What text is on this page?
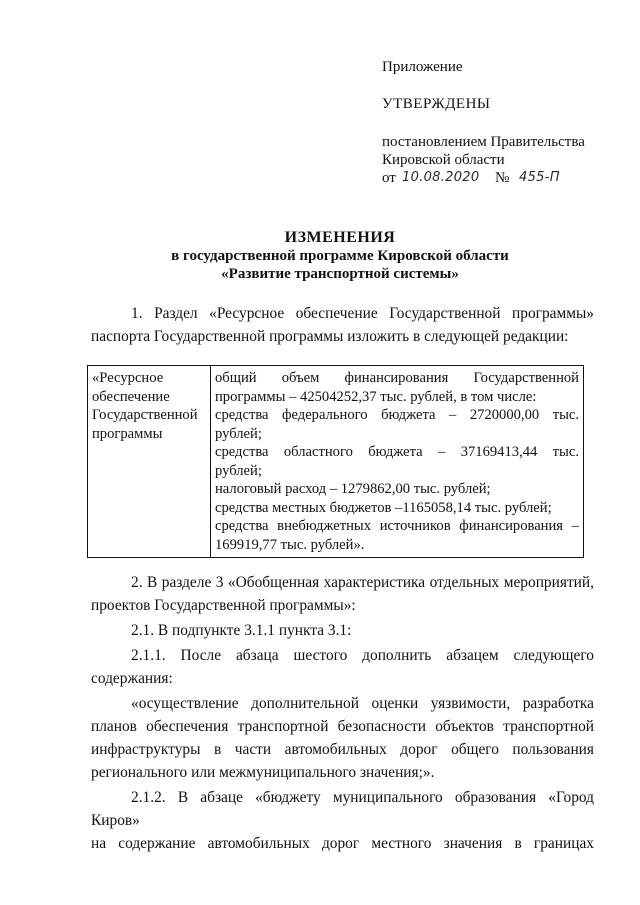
Приложение
УТВЕРЖДЕНЫ
постановлением Правительства
Кировской области
от 10.08.2020 № 455-П
ИЗМЕНЕНИЯ
в государственной программе Кировской области
«Развитие транспортной системы»
1. Раздел «Ресурсное обеспечение Государственной программы»
паспорта Государственной программы изложить в следующей редакции:
«Ресурсное
обеспечение
Государственной
программы

общий объем финансирования Государственной
программы – 42504252,37 тыс. рублей, в том числе:
средства федерального бюджета – 2720000,00 тыс.
рублей;
средства областного бюджета – 37169413,44 тыс.
рублей;
налоговый расход – 1279862,00 тыс. рублей;
средства местных бюджетов –1165058,14 тыс. рублей;
средства внебюджетных источников финансирования –
169919,77 тыс. рублей».
2. В разделе 3 «Обобщенная характеристика отдельных мероприятий,
проектов Государственной программы»:
2.1. В подпункте 3.1.1 пункта 3.1:
2.1.1. После абзаца шестого дополнить абзацем следующего
содержания:
«осуществление дополнительной оценки уязвимости, разработка
планов обеспечения транспортной безопасности объектов транспортной
инфраструктуры в части автомобильных дорог общего пользования
регионального или межмуниципального значения;».
2.1.2. В абзаце «бюджету муниципального образования «Город Киров»
на содержание автомобильных дорог местного значения в границах
